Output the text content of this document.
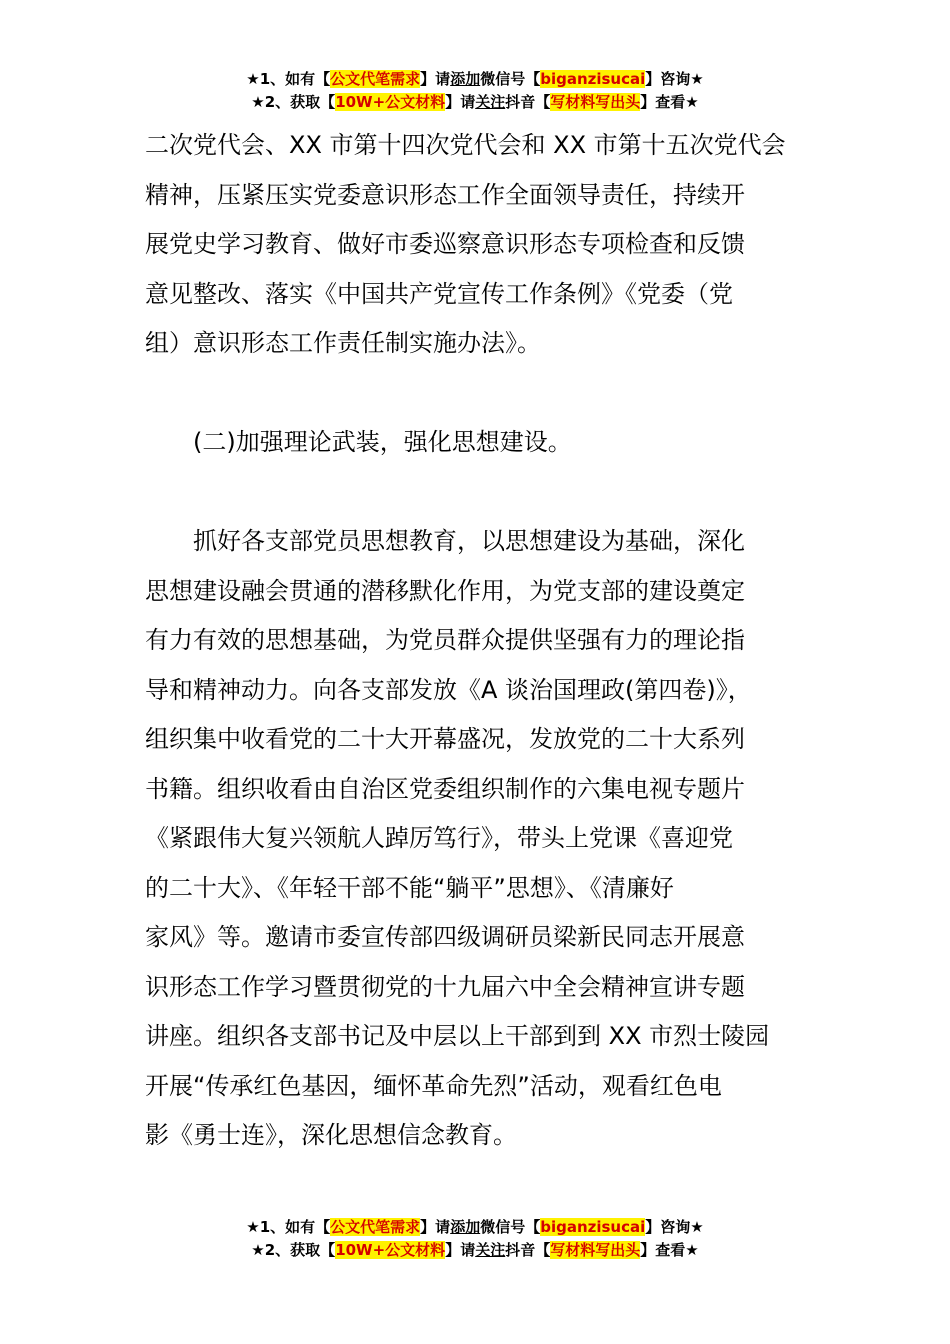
★1、如有【公文代笔需求】请添加微信号【biganzisucai】咨询★
★2、获取【10W+公文材料】请关注抖音【写材料写出头】查看★

二次党代会、XX 市第十四次党代会和 XX 市第十五次党代会

精神，压紧压实党委意识形态工作全面领导责任，持续开

展党史学习教育、做好市委巡察意识形态专项检查和反馈

意见整改、落实《中国共产党宣传工作条例》《党委（党

组）意识形态工作责任制实施办法》。

(二)加强理论武装，强化思想建设。

抓好各支部党员思想教育，以思想建设为基础，深化

思想建设融会贯通的潜移默化作用，为党支部的建设奠定

有力有效的思想基础，为党员群众提供坚强有力的理论指

导和精神动力。向各支部发放《A 谈治国理政(第四卷)》，

组织集中收看党的二十大开幕盛况，发放党的二十大系列

书籍。组织收看由自治区党委组织制作的六集电视专题片

《紧跟伟大复兴领航人踔厉笃行》，带头上党课《喜迎党

的二十大》、《年轻干部不能“躺平”思想》、《清廉好

家风》等。邀请市委宣传部四级调研员梁新民同志开展意

识形态工作学习暨贯彻党的十九届六中全会精神宣讲专题

讲座。组织各支部书记及中层以上干部到到 XX 市烈士陵园

开展“传承红色基因，缅怀革命先烈”活动，观看红色电

影《勇士连》，深化思想信念教育。

★1、如有【公文代笔需求】请添加微信号【biganzisucai】咨询★
★2、获取【10W+公文材料】请关注抖音【写材料写出头】查看★
